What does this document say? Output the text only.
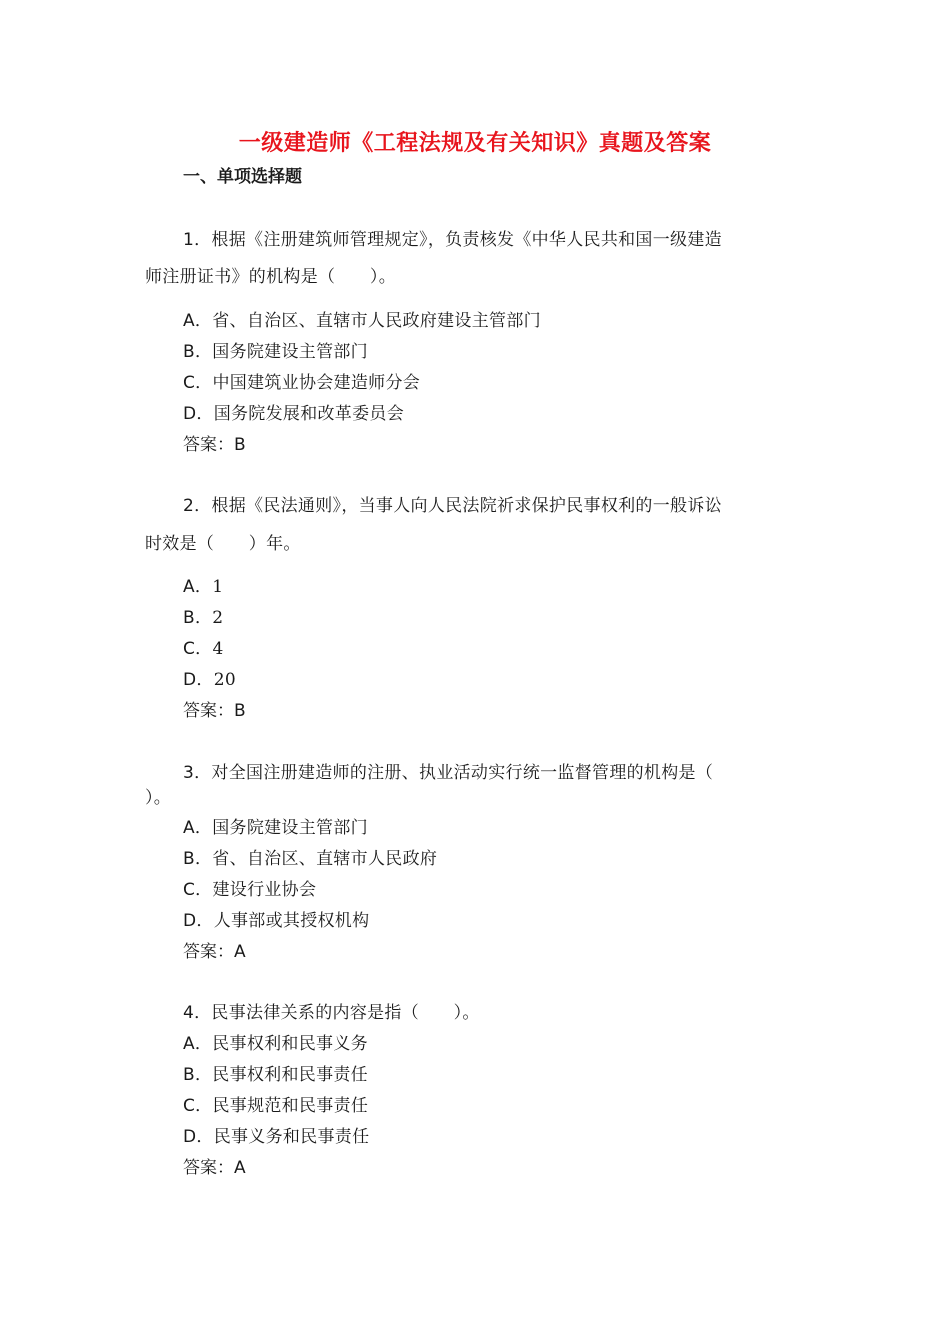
一级建造师《工程法规及有关知识》真题及答案
一、单项选择题
1．根据《注册建筑师管理规定》，负责核发《中华人民共和国一级建造
师注册证书》的机构是（　　）。
A．省、自治区、直辖市人民政府建设主管部门
B．国务院建设主管部门
C．中国建筑业协会建造师分会
D．国务院发展和改革委员会
答案：B
2．根据《民法通则》，当事人向人民法院祈求保护民事权利的一般诉讼
时效是（　　）年。
A．1
B．2
C．4
D．20
答案：B
3．对全国注册建造师的注册、执业活动实行统一监督管理的机构是（
）。
A．国务院建设主管部门
B．省、自治区、直辖市人民政府
C．建设行业协会
D．人事部或其授权机构
答案：A
4．民事法律关系的内容是指（　　）。
A．民事权利和民事义务
B．民事权利和民事责任
C．民事规范和民事责任
D．民事义务和民事责任
答案：A
